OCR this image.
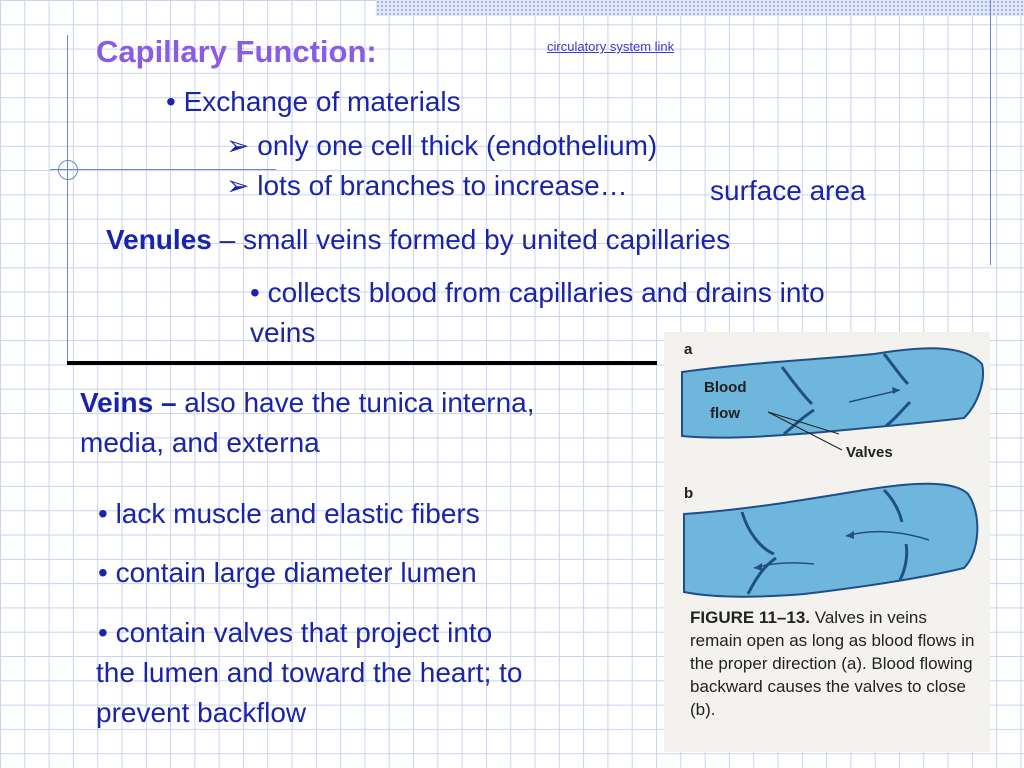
Capillary Function:	circulatory system link
• Exchange of materials
➢ only one cell thick (endothelium)
➢ lots of branches to increase…	surface area
Venules – small veins formed by united capillaries
• collects blood from capillaries and drains into
veins
Veins – also have the tunica interna,
media, and externa
• lack muscle and elastic fibers
• contain large diameter lumen
• contain valves that project into
the lumen and toward the heart; to
prevent backflow
a
Blood
flow
Valves
b
FIGURE 11–13. Valves in veins remain open as long as blood flows in the proper direction (a). Blood flowing backward causes the valves to close (b).
